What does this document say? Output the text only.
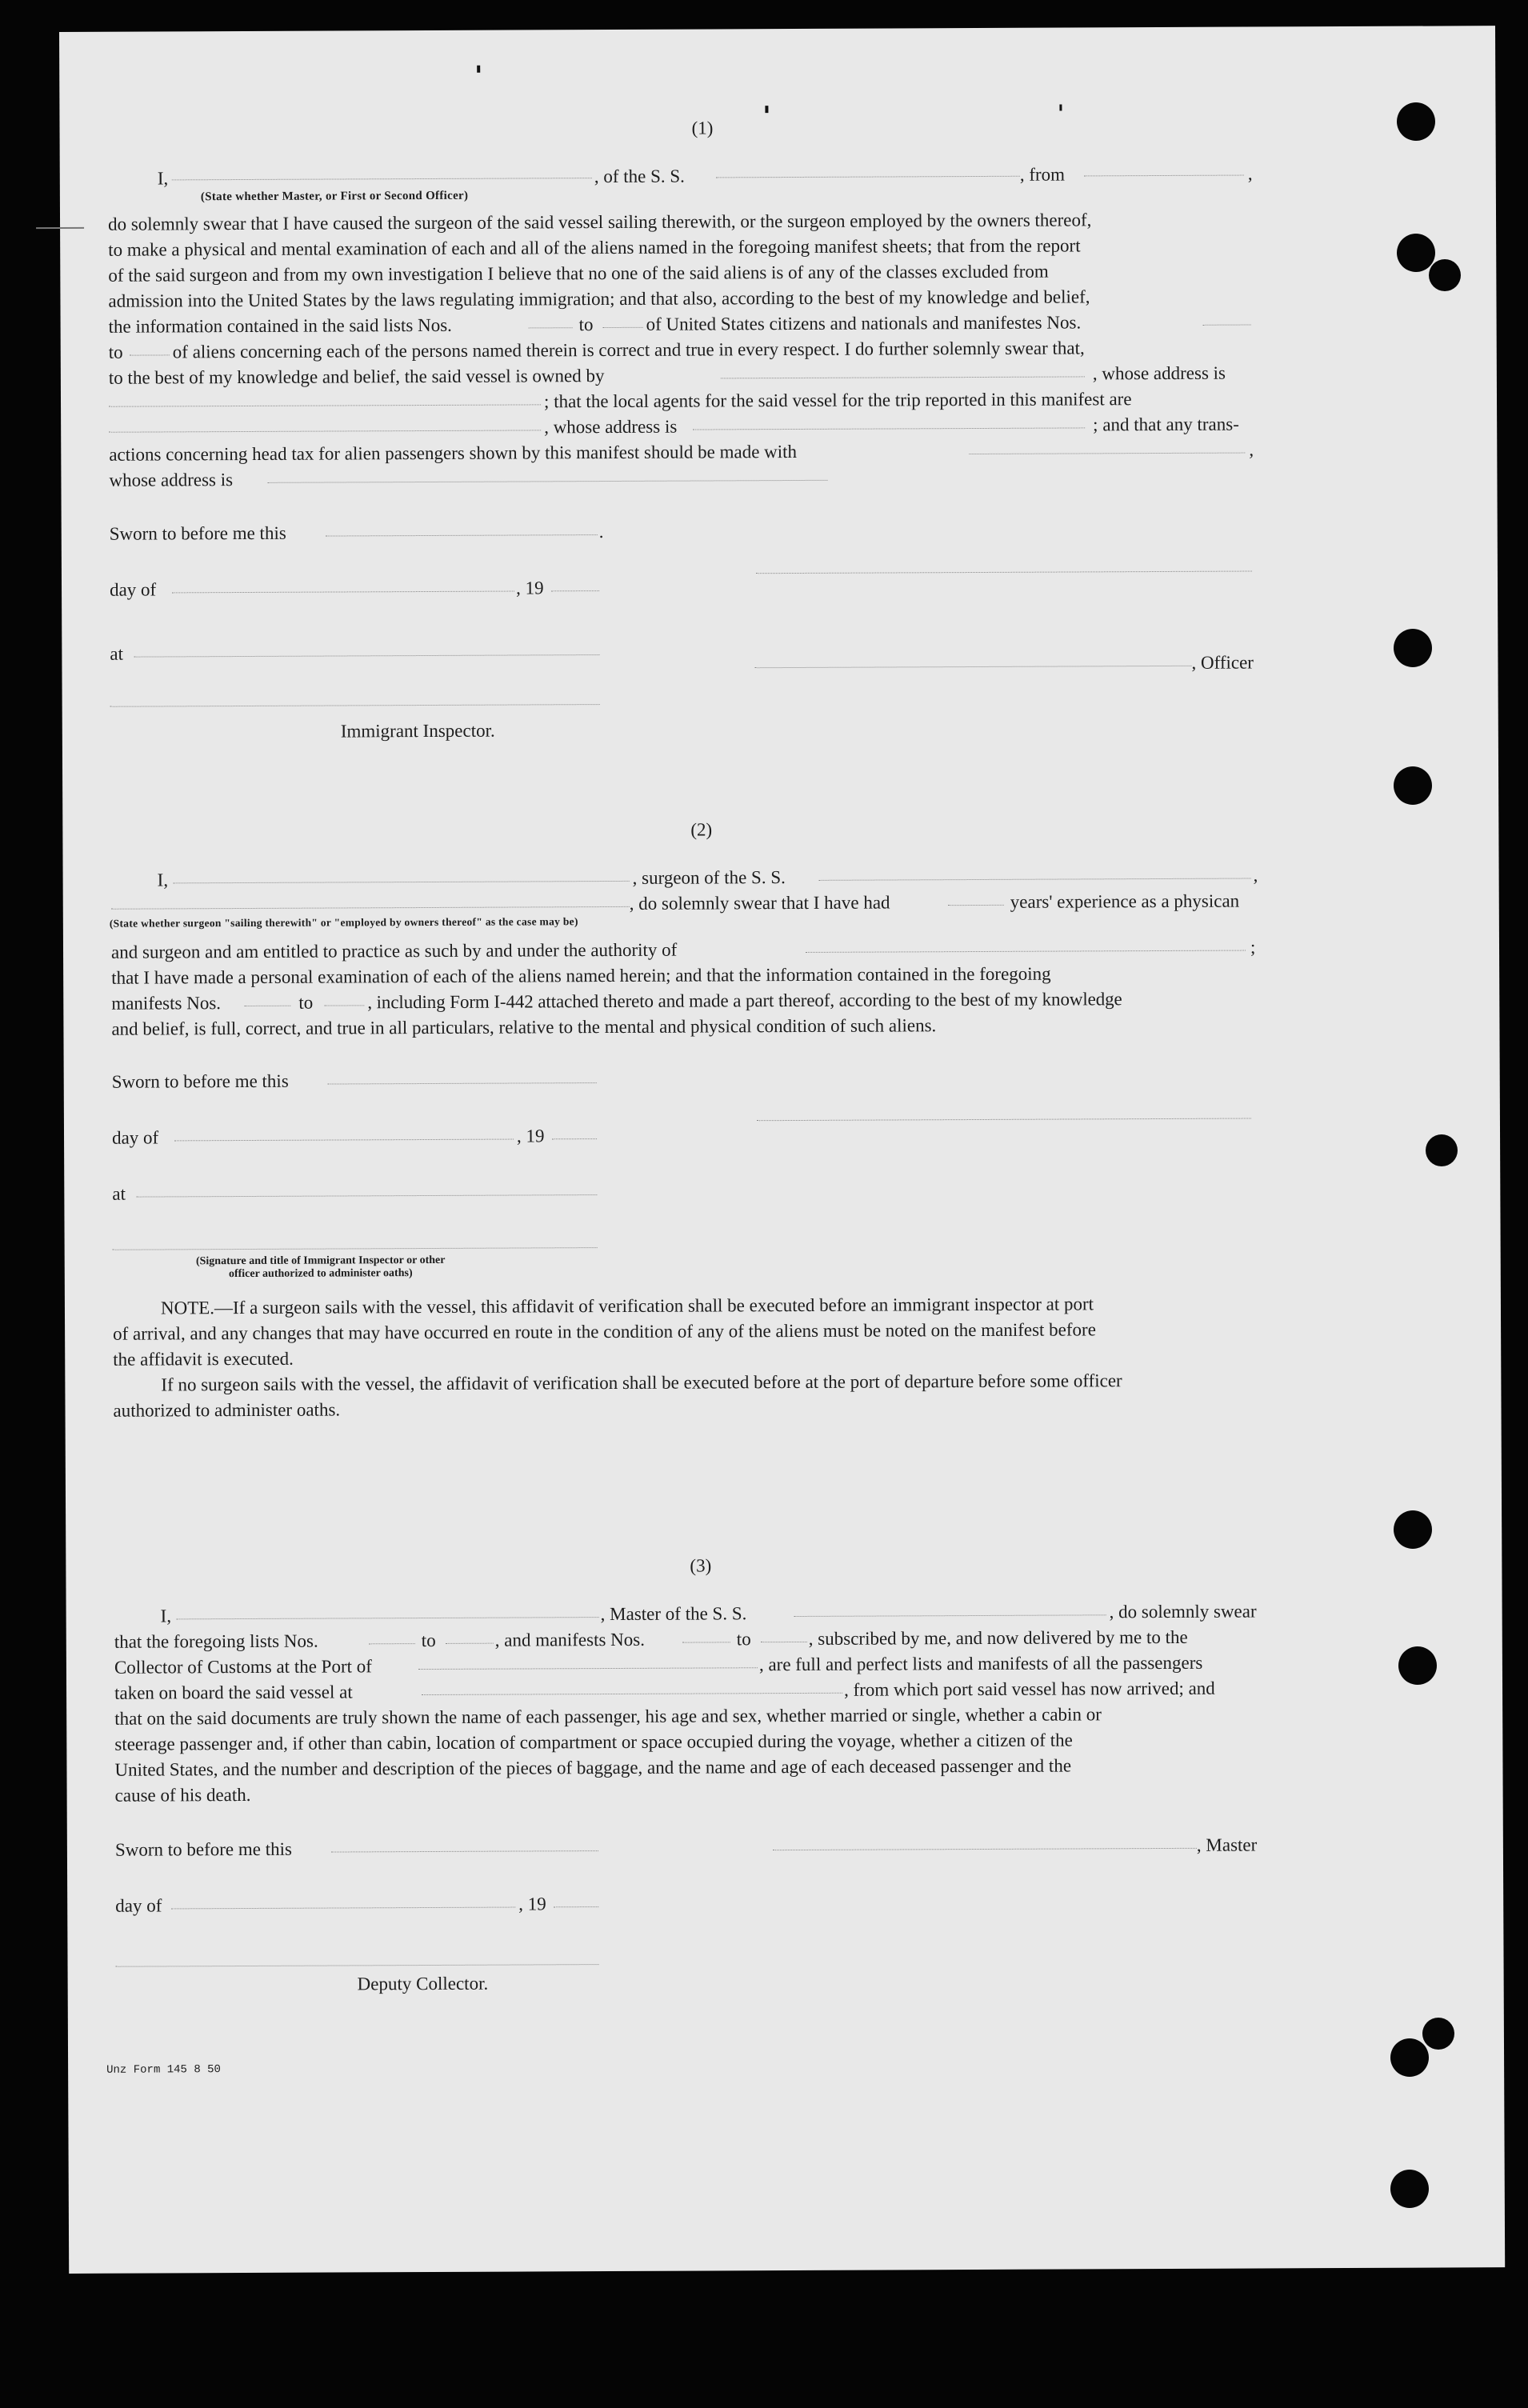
(1)
I,	, of the S. S.	, from	,
(State whether Master, or First or Second Officer)
do solemnly swear that I have caused the surgeon of the said vessel sailing therewith, or the surgeon employed by the owners thereof,
to make a physical and mental examination of each and all of the aliens named in the foregoing manifest sheets; that from the report
of the said surgeon and from my own investigation I believe that no one of the said aliens is of any of the classes excluded from
admission into the United States by the laws regulating immigration; and that also, according to the best of my knowledge and belief,
the information contained in the said lists Nos.	to	of United States citizens and nationals and manifestes Nos.
to	of aliens concerning each of the persons named therein is correct and true in every respect. I do further solemnly swear that,
to the best of my knowledge and belief, the said vessel is owned by	, whose address is
; that the local agents for the said vessel for the trip reported in this manifest are
, whose address is	; and that any trans-
actions concerning head tax for alien passengers shown by this manifest should be made with	,
whose address is
Sworn to before me this	.
day of	, 19
at	, Officer
Immigrant Inspector.
(2)
I,	, surgeon of the S. S.	,
, do solemnly swear that I have had	years' experience as a physican
(State whether surgeon "sailing therewith" or "employed by owners thereof" as the case may be)
and surgeon and am entitled to practice as such by and under the authority of	;
that I have made a personal examination of each of the aliens named herein; and that the information contained in the foregoing
manifests Nos.	to	, including Form I-442 attached thereto and made a part thereof, according to the best of my knowledge
and belief, is full, correct, and true in all particulars, relative to the mental and physical condition of such aliens.
Sworn to before me this
day of	, 19
at
(Signature and title of Immigrant Inspector or other
officer authorized to administer oaths)
NOTE.—If a surgeon sails with the vessel, this affidavit of verification shall be executed before an immigrant inspector at port
of arrival, and any changes that may have occurred en route in the condition of any of the aliens must be noted on the manifest before
the affidavit is executed.
If no surgeon sails with the vessel, the affidavit of verification shall be executed before at the port of departure before some officer
authorized to administer oaths.
(3)
I,	, Master of the S. S.	, do solemnly swear
that the foregoing lists Nos.	to	, and manifests Nos.	to	, subscribed by me, and now delivered by me to the
Collector of Customs at the Port of	, are full and perfect lists and manifests of all the passengers
taken on board the said vessel at	, from which port said vessel has now arrived; and
that on the said documents are truly shown the name of each passenger, his age and sex, whether married or single, whether a cabin or
steerage passenger and, if other than cabin, location of compartment or space occupied during the voyage, whether a citizen of the
United States, and the number and description of the pieces of baggage, and the name and age of each deceased passenger and the
cause of his death.
Sworn to before me this	, Master
day of	, 19
Deputy Collector.
Unz Form 145 8 50
